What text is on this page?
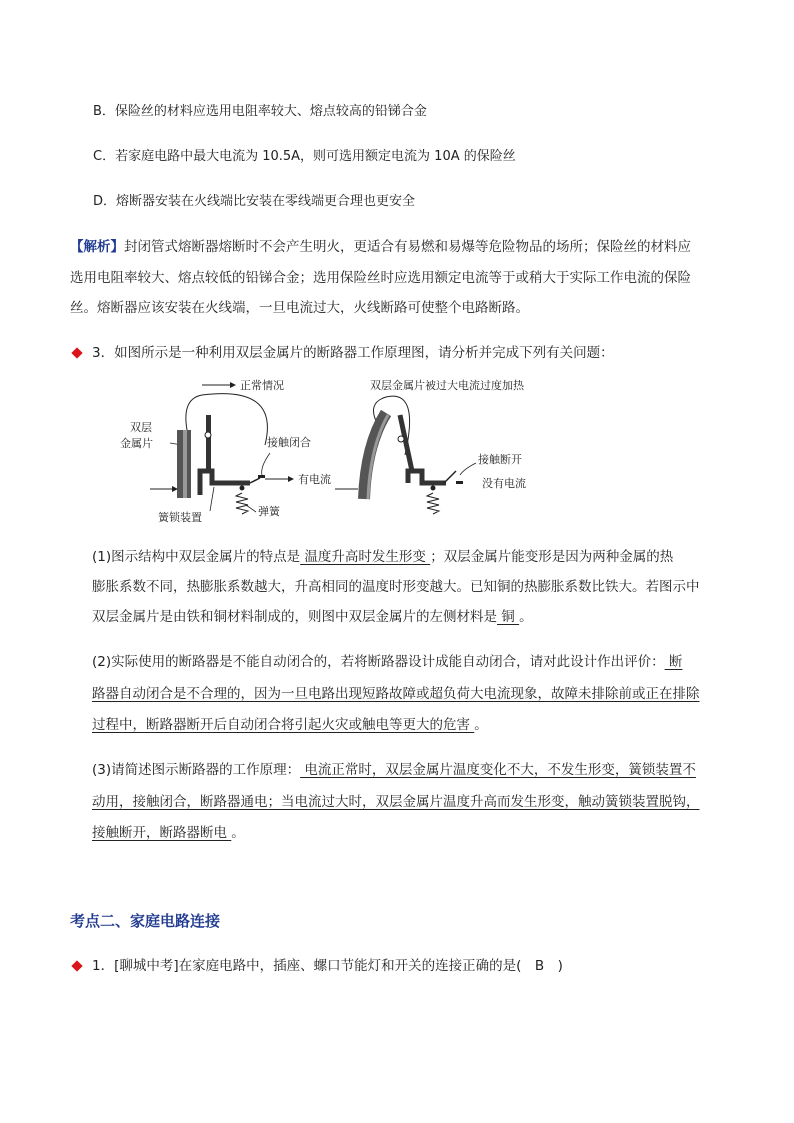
B．保险丝的材料应选用电阻率较大、熔点较高的铅锑合金
C．若家庭电路中最大电流为 10.5A，则可选用额定电流为 10A 的保险丝
D．熔断器安装在火线端比安装在零线端更合理也更安全
【解析】封闭管式熔断器熔断时不会产生明火，更适合有易燃和易爆等危险物品的场所；保险丝的材料应
选用电阻率较大、熔点较低的铅锑合金；选用保险丝时应选用额定电流等于或稍大于实际工作电流的保险
丝。熔断器应该安装在火线端，一旦电流过大，火线断路可使整个电路断路。
3．如图所示是一种利用双层金属片的断路器工作原理图，请分析并完成下列有关问题：
正常情况
双层
金属片	接触闭合
有电流
簧锁装置	弹簧
双层金属片被过大电流过度加热
接触断开
没有电流
(1)图示结构中双层金属片的特点是 温度升高时发生形变 ；双层金属片能变形是因为两种金属的热
膨胀系数不同，热膨胀系数越大，升高相同的温度时形变越大。已知铜的热膨胀系数比铁大。若图示中
双层金属片是由铁和铜材料制成的，则图中双层金属片的左侧材料是 铜 。
(2)实际使用的断路器是不能自动闭合的，若将断路器设计成能自动闭合，请对此设计作出评价： 断
路器自动闭合是不合理的，因为一旦电路出现短路故障或超负荷大电流现象，故障未排除前或正在排除
过程中，断路器断开后自动闭合将引起火灾或触电等更大的危害 。
(3)请简述图示断路器的工作原理： 电流正常时，双层金属片温度变化不大，不发生形变，簧锁装置不
动用，接触闭合，断路器通电；当电流过大时，双层金属片温度升高而发生形变，触动簧锁装置脱钩，
接触断开，断路器断电 。
考点二、家庭电路连接
1．[聊城中考]在家庭电路中，插座、螺口节能灯和开关的连接正确的是(　B　)
